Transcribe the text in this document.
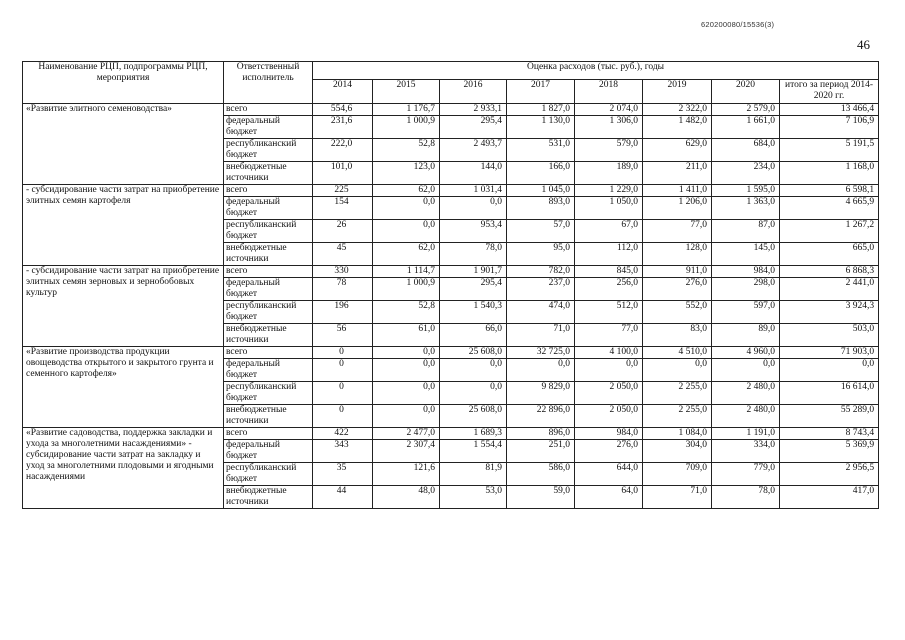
620200080/15536(3)
46
Наименование РЦП, подпрограммы РЦП, мероприятия	Ответственный исполнитель	Оценка расходов (тыс. руб.), годы							
		2014	2015	2016	2017	2018	2019	2020	итого за период 2014-2020 гг.
«Развитие элитного семеноводства»	всего	554,6	1 176,7	2 933,1	1 827,0	2 074,0	2 322,0	2 579,0	13 466,4
	федеральный бюджет	231,6	1 000,9	295,4	1 130,0	1 306,0	1 482,0	1 661,0	7 106,9
	республиканский бюджет	222,0	52,8	2 493,7	531,0	579,0	629,0	684,0	5 191,5
	внебюджетные источники	101,0	123,0	144,0	166,0	189,0	211,0	234,0	1 168,0
- субсидирование части затрат на приобретение элитных семян картофеля	всего	225	62,0	1 031,4	1 045,0	1 229,0	1 411,0	1 595,0	6 598,1
	федеральный бюджет	154	0,0	0,0	893,0	1 050,0	1 206,0	1 363,0	4 665,9
	республиканский бюджет	26	0,0	953,4	57,0	67,0	77,0	87,0	1 267,2
	внебюджетные источники	45	62,0	78,0	95,0	112,0	128,0	145,0	665,0
- субсидирование части затрат на приобретение элитных семян зерновых и зернобобовых культур	всего	330	1 114,7	1 901,7	782,0	845,0	911,0	984,0	6 868,3
	федеральный бюджет	78	1 000,9	295,4	237,0	256,0	276,0	298,0	2 441,0
	республиканский бюджет	196	52,8	1 540,3	474,0	512,0	552,0	597,0	3 924,3
	внебюджетные источники	56	61,0	66,0	71,0	77,0	83,0	89,0	503,0
«Развитие производства продукции овощеводства открытого и закрытого грунта и семенного картофеля»	всего	0	0,0	25 608,0	32 725,0	4 100,0	4 510,0	4 960,0	71 903,0
	федеральный бюджет	0	0,0	0,0	0,0	0,0	0,0	0,0	0,0
	республиканский бюджет	0	0,0	0,0	9 829,0	2 050,0	2 255,0	2 480,0	16 614,0
	внебюджетные источники	0	0,0	25 608,0	22 896,0	2 050,0	2 255,0	2 480,0	55 289,0
«Развитие садоводства, поддержка закладки и ухода за многолетними насаждениями» - субсидирование части затрат на закладку и уход за многолетними плодовыми и ягодными насаждениями	всего	422	2 477,0	1 689,3	896,0	984,0	1 084,0	1 191,0	8 743,4
	федеральный бюджет	343	2 307,4	1 554,4	251,0	276,0	304,0	334,0	5 369,9
	республиканский бюджет	35	121,6	81,9	586,0	644,0	709,0	779,0	2 956,5
	внебюджетные источники	44	48,0	53,0	59,0	64,0	71,0	78,0	417,0
